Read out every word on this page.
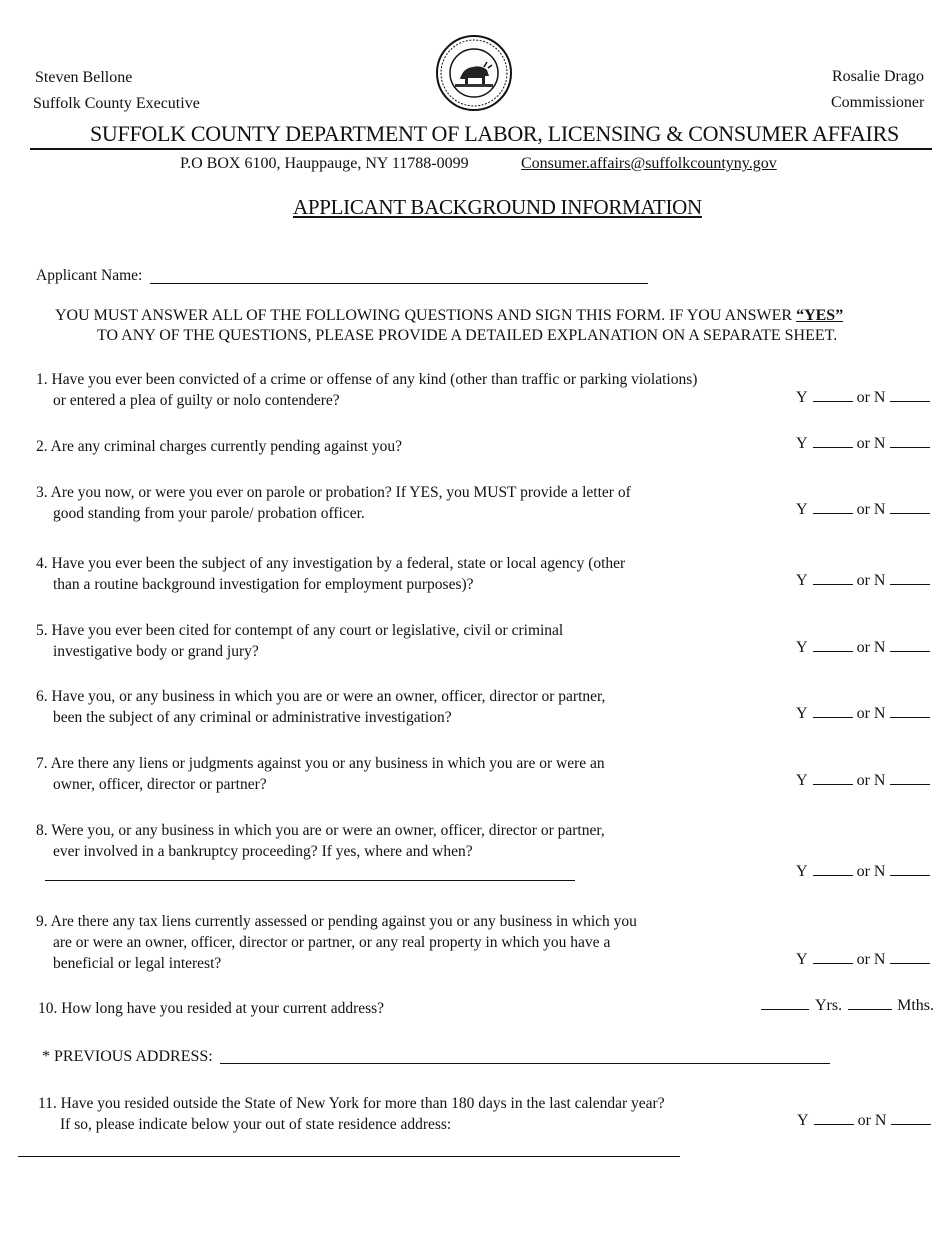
Steven Bellone
Suffolk County Executive
Rosalie Drago
Commissioner
SUFFOLK COUNTY DEPARTMENT OF LABOR, LICENSING & CONSUMER AFFAIRS
P.O BOX 6100, Hauppauge, NY 11788-0099	Consumer.affairs@suffolkcountyny.gov
APPLICANT BACKGROUND INFORMATION
Applicant Name:
YOU MUST ANSWER ALL OF THE FOLLOWING QUESTIONS AND SIGN THIS FORM. IF YOU ANSWER “YES”
TO ANY OF THE QUESTIONS, PLEASE PROVIDE A DETAILED EXPLANATION ON A SEPARATE SHEET.
1. Have you ever been convicted of a crime or offense of any kind (other than traffic or parking violations)
or entered a plea of guilty or nolo contendere?	Y	or N
2. Are any criminal charges currently pending against you?	Y	or N
3. Are you now, or were you ever on parole or probation? If YES, you MUST provide a letter of
good standing from your parole/ probation officer.	Y	or N
4. Have you ever been the subject of any investigation by a federal, state or local agency (other
than a routine background investigation for employment purposes)?	Y	or N
5. Have you ever been cited for contempt of any court or legislative, civil or criminal
investigative body or grand jury?	Y	or N
6. Have you, or any business in which you are or were an owner, officer, director or partner,
been the subject of any criminal or administrative investigation?	Y	or N
7. Are there any liens or judgments against you or any business in which you are or were an
owner, officer, director or partner?	Y	or N
8. Were you, or any business in which you are or were an owner, officer, director or partner,
ever involved in a bankruptcy proceeding? If yes, where and when?
Y	or N
9. Are there any tax liens currently assessed or pending against you or any business in which you
are or were an owner, officer, director or partner, or any real property in which you have a
beneficial or legal interest?	Y	or N
10. How long have you resided at your current address?	Yrs.	Mths.
* PREVIOUS ADDRESS:
11. Have you resided outside the State of New York for more than 180 days in the last calendar year?
If so, please indicate below your out of state residence address:	Y	or N
